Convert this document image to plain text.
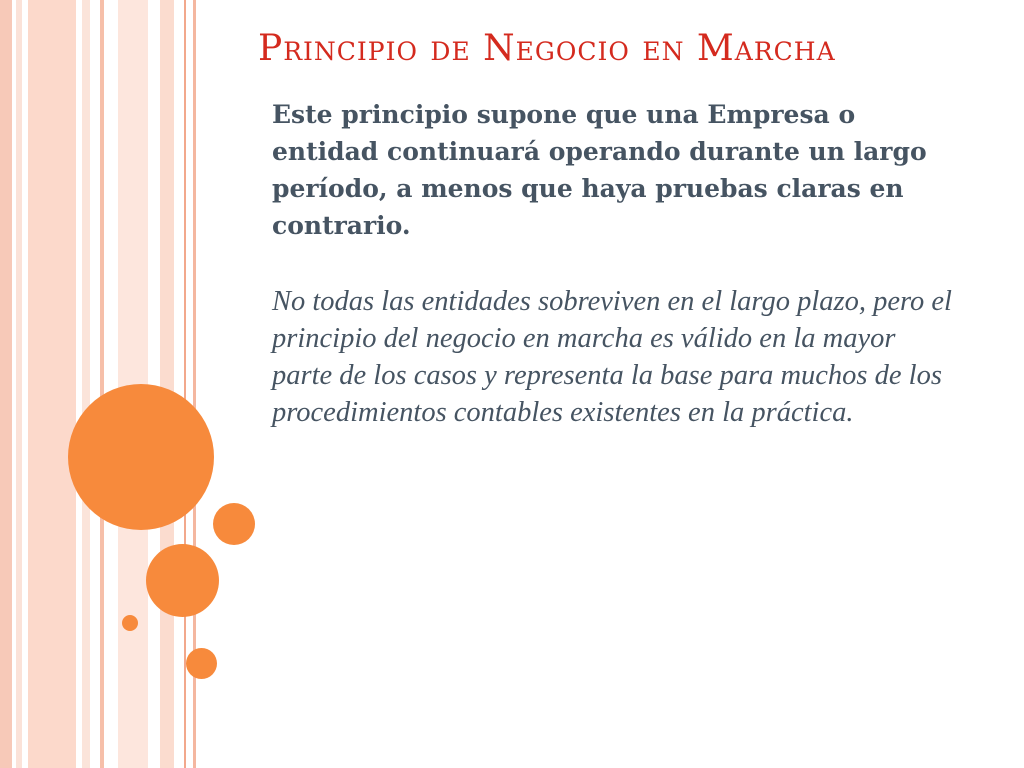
Principio de Negocio en Marcha

Este principio supone que una Empresa o entidad continuará operando durante un largo período, a menos que haya pruebas claras en contrario.

No todas las entidades sobreviven en el largo plazo, pero el principio del negocio en marcha es válido en la mayor parte de los casos y representa la base para muchos de los procedimientos contables existentes en la práctica.
